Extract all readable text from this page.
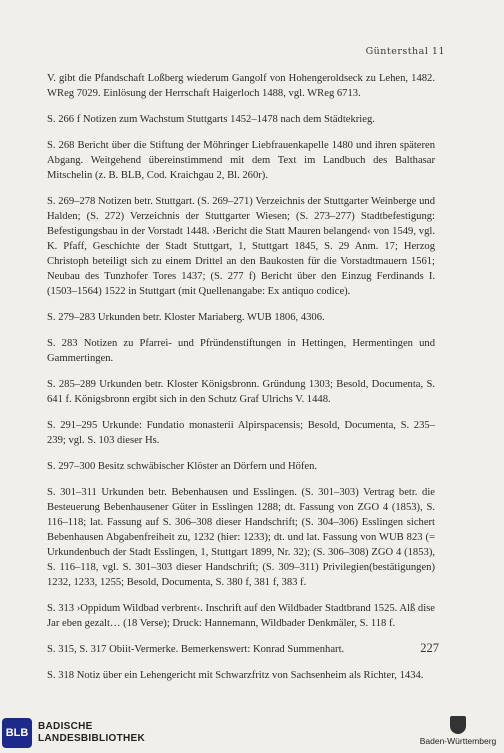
Güntersthal 11

V. gibt die Pfandschaft Loßberg wiederum Gangolf von Hohengeroldseck zu Lehen, 1482. WReg 7029. Einlösung der Herrschaft Haigerloch 1488, vgl. WReg 6713.

S. 266 f Notizen zum Wachstum Stuttgarts 1452–1478 nach dem Städtekrieg.

S. 268 Bericht über die Stiftung der Möhringer Liebfrauenkapelle 1480 und ihren späteren Abgang. Weitgehend übereinstimmend mit dem Text im Landbuch des Balthasar Mitschelin (z. B. BLB, Cod. Kraichgau 2, Bl. 260r).

S. 269–278 Notizen betr. Stuttgart. (S. 269–271) Verzeichnis der Stuttgarter Weinberge und Halden; (S. 272) Verzeichnis der Stuttgarter Wiesen; (S. 273–277) Stadtbefestigung: Befestigungsbau in der Vorstadt 1448. ›Bericht die Statt Mauren belangend‹ von 1549, vgl. K. Pfaff, Geschichte der Stadt Stuttgart, 1, Stuttgart 1845, S. 29 Anm. 17; Herzog Christoph beteiligt sich zu einem Drittel an den Baukosten für die Vorstadtmauern 1561; Neubau des Tunzhofer Tores 1437; (S. 277 f) Bericht über den Einzug Ferdinands I. (1503–1564) 1522 in Stuttgart (mit Quellenangabe: Ex antiquo codice).

S. 279–283 Urkunden betr. Kloster Mariaberg. WUB 1806, 4306.

S. 283 Notizen zu Pfarrei- und Pfründenstiftungen in Hettingen, Hermentingen und Gammertingen.

S. 285–289 Urkunden betr. Kloster Königsbronn. Gründung 1303; Besold, Documenta, S. 641 f. Königsbronn ergibt sich in den Schutz Graf Ulrichs V. 1448.

S. 291–295 Urkunde: Fundatio monasterii Alpirspacensis; Besold, Documenta, S. 235–239; vgl. S. 103 dieser Hs.

S. 297–300 Besitz schwäbischer Klöster an Dörfern und Höfen.

S. 301–311 Urkunden betr. Bebenhausen und Esslingen. (S. 301–303) Vertrag betr. die Besteuerung Bebenhausener Güter in Esslingen 1288; dt. Fassung von ZGO 4 (1853), S. 116–118; lat. Fassung auf S. 306–308 dieser Handschrift; (S. 304–306) Esslingen sichert Bebenhausen Abgabenfreiheit zu, 1232 (hier: 1233); dt. und lat. Fassung von WUB 823 (= Urkundenbuch der Stadt Esslingen, 1, Stuttgart 1899, Nr. 32); (S. 306–308) ZGO 4 (1853), S. 116–118, vgl. S. 301–303 dieser Handschrift; (S. 309–311) Privilegien(bestätigungen) 1232, 1233, 1255; Besold, Documenta, S. 380 f, 381 f, 383 f.

S. 313 ›Oppidum Wildbad verbrent‹. Inschrift auf den Wildbader Stadtbrand 1525. Alß dise Jar eben gezalt… (18 Verse); Druck: Hannemann, Wildbader Denkmäler, S. 118 f.

S. 315, S. 317 Obiit-Vermerke. Bemerkenswert: Konrad Summenhart.

S. 318 Notiz über ein Lehengericht mit Schwarzfritz von Sachsenheim als Richter, 1434.

227
BLB
BADISCHE
LANDESBIBLIOTHEK	Baden-Württemberg
